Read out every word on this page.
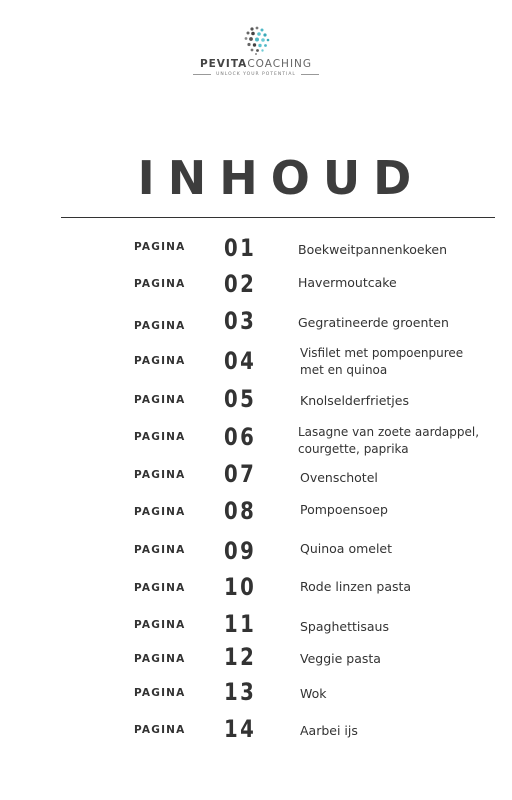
PEVITACOACHING
UNLOCK YOUR POTENTIAL
INHOUD
PAGINA 01	Boekweitpannenkoeken
PAGINA 02	Havermoutcake
PAGINA 03	Gegratineerde groenten
PAGINA 04	Visfilet met pompoenpuree
met en quinoa
PAGINA 05	Knolselderfrietjes
PAGINA 06	Lasagne van zoete aardappel,
courgette, paprika
PAGINA 07	Ovenschotel
PAGINA 08	Pompoensoep
PAGINA 09	Quinoa omelet
PAGINA 10	Rode linzen pasta
PAGINA 11	Spaghettisaus
PAGINA 12	Veggie pasta
PAGINA 13	Wok
PAGINA 14	Aarbei ijs
